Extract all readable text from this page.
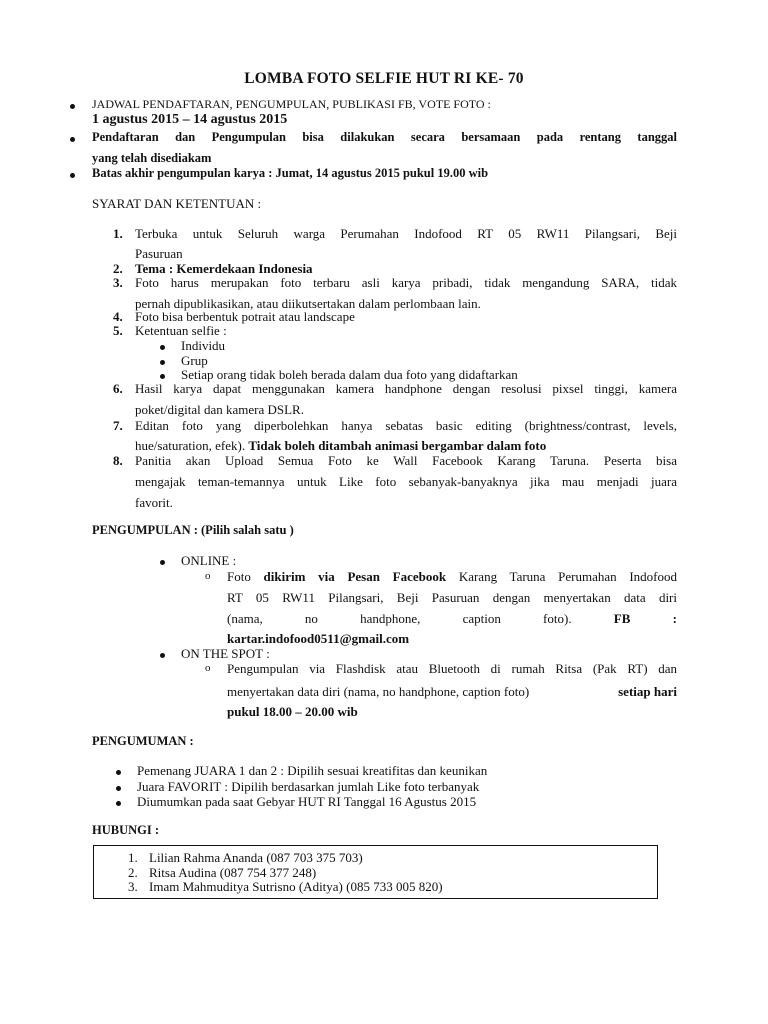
LOMBA FOTO SELFIE HUT RI KE- 70
JADWAL PENDAFTARAN, PENGUMPULAN, PUBLIKASI FB, VOTE FOTO :
1 agustus 2015 – 14 agustus 2015
Pendaftaran dan Pengumpulan bisa dilakukan secara bersamaan pada rentang tanggal
yang telah disediakam
Batas akhir pengumpulan karya : Jumat, 14 agustus 2015 pukul 19.00 wib
SYARAT DAN KETENTUAN :
1. Terbuka untuk Seluruh warga Perumahan Indofood RT 05 RW11 Pilangsari, Beji
Pasuruan
2. Tema : Kemerdekaan Indonesia
3. Foto harus merupakan foto terbaru asli karya pribadi, tidak mengandung SARA, tidak
pernah dipublikasikan, atau diikutsertakan dalam perlombaan lain.
4. Foto bisa berbentuk potrait atau landscape
5. Ketentuan selfie :
Individu
Grup
Setiap orang tidak boleh berada dalam dua foto yang didaftarkan
6. Hasil karya dapat menggunakan kamera handphone dengan resolusi pixsel tinggi, kamera
poket/digital dan kamera DSLR.
7. Editan foto yang diperbolehkan hanya sebatas basic editing (brightness/contrast, levels,
hue/saturation, efek). Tidak boleh ditambah animasi bergambar dalam foto
8. Panitia akan Upload Semua Foto ke Wall Facebook Karang Taruna. Peserta bisa
mengajak teman-temannya untuk Like foto sebanyak-banyaknya jika mau menjadi juara
favorit.
PENGUMPULAN : (Pilih salah satu )
ONLINE :
o Foto dikirim via Pesan Facebook Karang Taruna Perumahan Indofood
RT 05 RW11 Pilangsari, Beji Pasuruan dengan menyertakan data diri
(nama,	no	handphone,	caption	foto).	FB	:
kartar.indofood0511@gmail.com
ON THE SPOT :
o Pengumpulan via Flashdisk atau Bluetooth di rumah Ritsa (Pak RT) dan
menyertakan data diri (nama, no handphone, caption foto)	setiap hari
pukul 18.00 – 20.00 wib
PENGUMUMAN :
Pemenang JUARA 1 dan 2 : Dipilih sesuai kreatifitas dan keunikan
Juara FAVORIT : Dipilih berdasarkan jumlah Like foto terbanyak
Diumumkan pada saat Gebyar HUT RI Tanggal 16 Agustus 2015
HUBUNGI :
1. Lilian Rahma Ananda (087 703 375 703)
2. Ritsa Audina (087 754 377 248)
3. Imam Mahmuditya Sutrisno (Aditya) (085 733 005 820)
